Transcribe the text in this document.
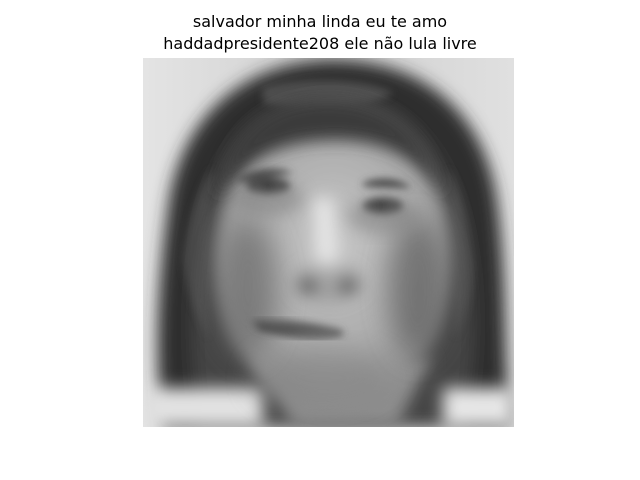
salvador minha linda eu te amo
haddadpresidente208 ele não lula livre
